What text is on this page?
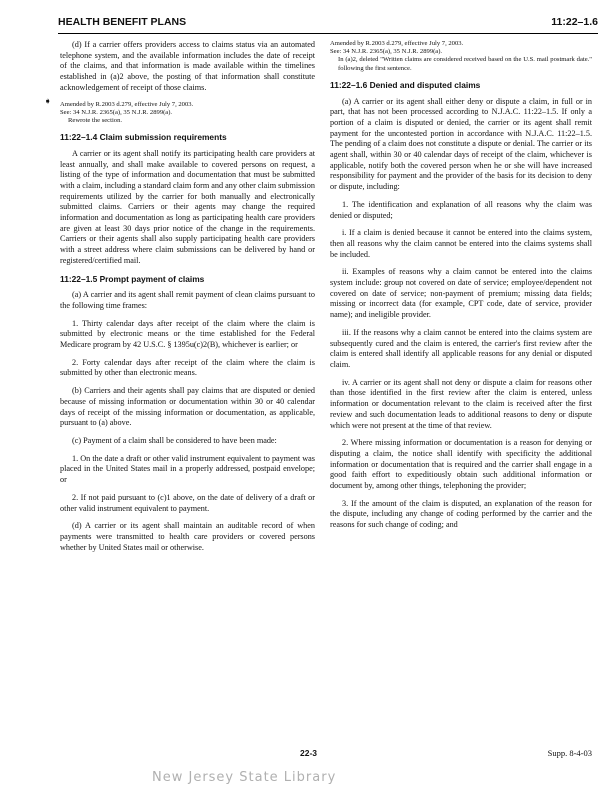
HEALTH BENEFIT PLANS	11:22–1.6
➧

(d) If a carrier offers providers access to claims status via an automated telephone system, and the available information includes the date of receipt of the claims, and that information is made available within the timelines established in (a)2 above, the posting of that information shall constitute acknowledgement of receipt of those claims.

Amended by R.2003 d.279, effective July 7, 2003.
See: 34 N.J.R. 2365(a), 35 N.J.R. 2899(a).

Rewrote the section.

11:22–1.4 Claim submission requirements

A carrier or its agent shall notify its participating health care providers at least annually, and shall make available to covered persons on request, a listing of the type of information and documentation that must be submitted with a claim, including a standard claim form and any other claim submission requirements utilized by the carrier for both manually and electronically submitted claims. Carriers or their agents may change the required information and documentation as long as participating health care providers are given at least 30 days prior notice of the change in the requirements. Carriers or their agents shall also supply participating health care providers with a street address where claim submissions can be delivered by hand or registered/certified mail.

11:22–1.5 Prompt payment of claims

(a) A carrier and its agent shall remit payment of clean claims pursuant to the following time frames:

1. Thirty calendar days after receipt of the claim where the claim is submitted by electronic means or the time established for the Federal Medicare program by 42 U.S.C. § 1395u(c)2(B), whichever is earlier; or

2. Forty calendar days after receipt of the claim where the claim is submitted by other than electronic means.

(b) Carriers and their agents shall pay claims that are disputed or denied because of missing information or documentation within 30 or 40 calendar days of receipt of the missing information or documentation, as applicable, pursuant to (a) above.

(c) Payment of a claim shall be considered to have been made:

1. On the date a draft or other valid instrument equivalent to payment was placed in the United States mail in a properly addressed, postpaid envelope; or

2. If not paid pursuant to (c)1 above, on the date of delivery of a draft or other valid instrument equivalent to payment.

(d) A carrier or its agent shall maintain an auditable record of when payments were transmitted to health care providers or covered persons whether by United States mail or otherwise.

Amended by R.2003 d.279, effective July 7, 2003.
See: 34 N.J.R. 2365(a), 35 N.J.R. 2899(a).

In (a)2, deleted "Written claims are considered received based on the U.S. mail postmark date." following the first sentence.

11:22–1.6 Denied and disputed claims

(a) A carrier or its agent shall either deny or dispute a claim, in full or in part, that has not been processed according to N.J.A.C. 11:22–1.5. If only a portion of a claim is disputed or denied, the carrier or its agent shall remit payment for the uncontested portion in accordance with N.J.A.C. 11:22–1.5. The pending of a claim does not constitute a dispute or denial. The carrier or its agent shall, within 30 or 40 calendar days of receipt of the claim, whichever is applicable, notify both the covered person when he or she will have increased responsibility for payment and the provider of the basis for its decision to deny or dispute, including:

1. The identification and explanation of all reasons why the claim was denied or disputed;

i. If a claim is denied because it cannot be entered into the claims system, then all reasons why the claim cannot be entered into the claims systems shall be included.

ii. Examples of reasons why a claim cannot be entered into the claims system include: group not covered on date of service; employee/dependent not covered on date of service; non-payment of premium; missing data fields; missing or incorrect data (for example, CPT code, date of service, provider name); and ineligible provider.

iii. If the reasons why a claim cannot be entered into the claims system are subsequently cured and the claim is entered, the carrier's first review after the claim is entered shall identify all applicable reasons for any denial or disputed claim.

iv. A carrier or its agent shall not deny or dispute a claim for reasons other than those identified in the first review after the claim is entered, unless information or documentation relevant to the claim is received after the first review and such documentation leads to additional reasons to deny or dispute which were not present at the time of that review.

2. Where missing information or documentation is a reason for denying or disputing a claim, the notice shall identify with specificity the additional information or documentation that is required and the carrier shall engage in a good faith effort to expeditiously obtain such additional information or document by, among other things, telephoning the provider;

3. If the amount of the claim is disputed, an explanation of the reason for the dispute, including any change of coding performed by the carrier and the reasons for such change of coding; and

22-3	Supp. 8-4-03
New Jersey State Library
